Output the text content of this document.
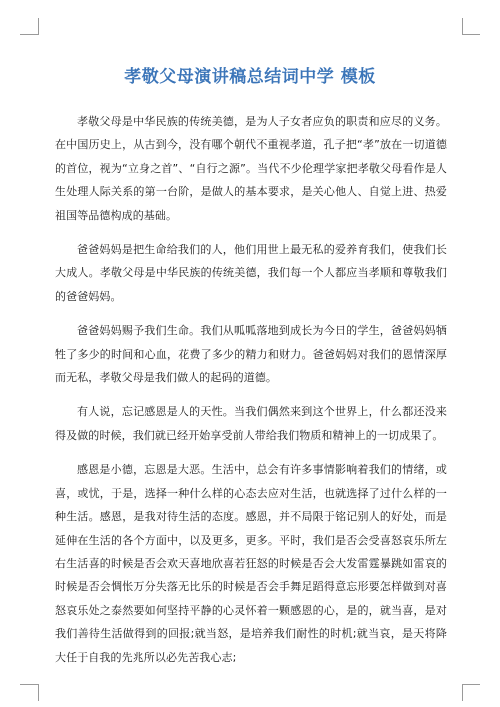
孝敬父母演讲稿总结词中学 模板

孝敬父母是中华民族的传统美德，是为人子女者应负的职责和应尽的义务。在中国历史上，从古到今，没有哪个朝代不重视孝道，孔子把“孝”放在一切道德的首位，视为“立身之首”、“自行之源”。当代不少伦理学家把孝敬父母看作是人生处理人际关系的第一台阶，是做人的基本要求，是关心他人、自觉上进、热爱祖国等品德构成的基础。

爸爸妈妈是把生命给我们的人，他们用世上最无私的爱养育我们，使我们长大成人。孝敬父母是中华民族的传统美德，我们每一个人都应当孝顺和尊敬我们的爸爸妈妈。

爸爸妈妈赐予我们生命。我们从呱呱落地到成长为今日的学生，爸爸妈妈牺牲了多少的时间和心血，花费了多少的精力和财力。爸爸妈妈对我们的恩情深厚而无私，孝敬父母是我们做人的起码的道德。

有人说，忘记感恩是人的天性。当我们偶然来到这个世界上，什么都还没来得及做的时候，我们就已经开始享受前人带给我们物质和精神上的一切成果了。

感恩是小德，忘恩是大恶。生活中，总会有许多事情影响着我们的情绪，或喜，或忧，于是，选择一种什么样的心态去应对生活，也就选择了过什么样的一种生活。感恩，是我对待生活的态度。感恩，并不局限于铭记别人的好处，而是延伸在生活的各个方面中，以及更多，更多。平时，我们是否会受喜怒哀乐所左右生活喜的时候是否会欢天喜地欣喜若狂怒的时候是否会大发雷霆暴跳如雷哀的时候是否会惆怅万分失落无比乐的时候是否会手舞足蹈得意忘形要怎样做到对喜怒哀乐处之泰然要如何坚持平静的心灵怀着一颗感恩的心，是的，就当喜，是对我们善待生活做得到的回报;就当怒，是培养我们耐性的时机;就当哀，是天将降大任于自我的先兆所以必先苦我心志;
